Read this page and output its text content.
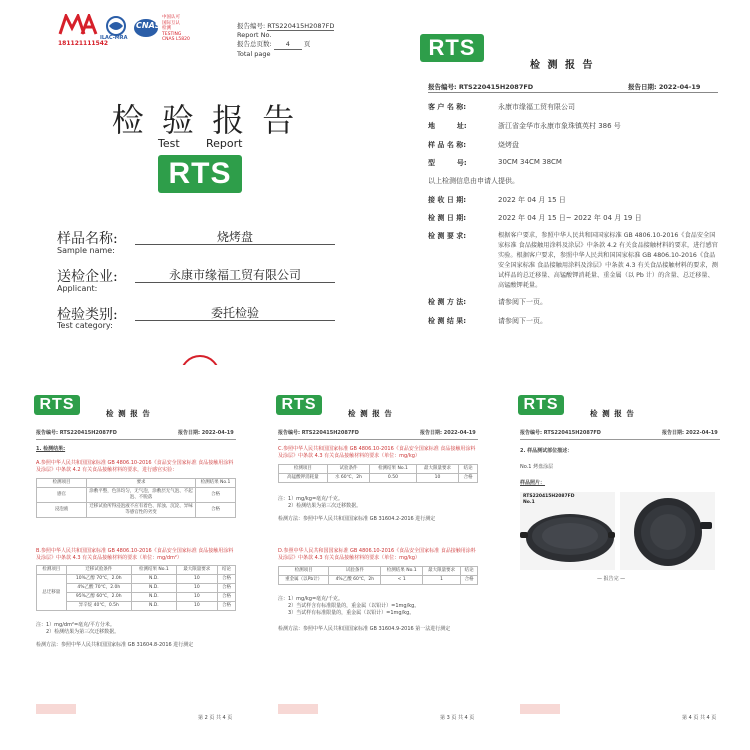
181121111542
ILAC-MRA
CNAS
中国认可
国际互认
检测
TESTING
CNAS L5820
报告编号: RTS220415H2087FD
Report No.
报告总页数: 4 页
Total page
检 验 报 告
Test Report
RTS
样品名称:
Sample name:
烧烤盘
送检企业:
Applicant:
永康市缘福工贸有限公司
检验类别:
Test category:
委托检验
RTS
检 测 报 告
报告编号: RTS220415H2087FD	报告日期: 2022-04-19
客 户 名 称:	永康市缘福工贸有限公司
地         址:	浙江省金华市永康市象珠镇英村 386 号
样 品 名 称:	烧烤盘
型         号:	30CM 34CM 38CM
以上检测信息由申请人提供。
接 收 日 期:	2022 年 04 月 15 日
检 测 日 期:	2022 年 04 月 15 日~ 2022 年 04 月 19 日
检 测 要 求:	根据客户要求，参照中华人民共和国国家标准 GB 4806.10-2016《食品安全国家标准 食品接触用涂料及涂层》中条款 4.2 有关食品接触材料的要求，进行感官实验。根据客户要求，参照中华人民共和国国家标准 GB 4806.10-2016《食品安全国家标准 食品接触用涂料及涂层》中条款 4.3 有关食品接触材料的要求，测试样品的总迁移量、高锰酸钾消耗量、重金属（以 Pb 计）的含量、总迁移量、高锰酸钾耗量。
检 测 方 法:	请参阅下一页。
检 测 结 果:	请参阅下一页。
RTS
检 测 报 告
报告编号: RTS220415H2087FD	报告日期: 2022-04-19
1. 检测结果:
A.参照中华人民共和国国家标准 GB 4806.10-2016《食品安全国家标准 食品接触用涂料及涂层》中条款 4.2 有关食品接触材料的要求，进行感官实验：
检测项目	要求	检测结果 No.1
感官	涂敷平整，色泽均匀，无气泡，涂敷层无气泡、不起泡、不脱落	合格
浸泡液	迁移试验所得浸泡液不应有着色、浑浊、沉淀、异味等感官性的劣变	合格
B.参照中华人民共和国国家标准 GB 4806.10-2016《食品安全国家标准 食品接触用涂料及涂层》中条款 4.3 有关食品接触材料的要求（单位：mg/dm²）
检测项目	迁移试验条件	检测结果 No.1	最大限量要求	结论
总迁移量	10%乙醇 70℃，2.0h	N.D.	10	合格
	4%乙酸 70℃，2.0h	N.D.	10	合格
	95%乙醇 60℃，2.0h	N.D.	10	合格
	异辛烷 40℃，0.5h	N.D.	10	合格
注：1）mg/dm²=毫克/平方分米。
2）检测结果为第三次迁移数据。
检测方法：参照中华人民共和国国家标准 GB 31604.8-2016 进行测定
第 2 页 共 4 页
RTS
检 测 报 告
报告编号: RTS220415H2087FD	报告日期: 2022-04-19
C.参照中华人民共和国国家标准 GB 4806.10-2016《食品安全国家标准 食品接触用涂料及涂层》中条款 4.3 有关食品接触材料的要求（单位：mg/kg）
检测项目	试验条件	检测结果 No.1	最大限量要求	结论
高锰酸钾消耗量	水 60℃，2h	0.50	10	合格
注：1）mg/kg=毫克/千克。
2）检测结果为第三次迁移数据。
检测方法：参照中华人民共和国国家标准 GB 31604.2-2016 进行测定
D.参照中华人民共和国国家标准 GB 4806.10-2016《食品安全国家标准 食品接触用涂料及涂层》中条款 4.3 有关食品接触材料的要求（单位：mg/kg）
检测项目	试验条件	检测结果 No.1	最大限量要求	结论
重金属（以Pb计）	4%乙酸 60℃，2h	< 1	1	合格
注：1）mg/kg=毫克/千克。
2）当试样含有标准限量的，重金属（以铅计）=1mg/kg。
3）当试样有标准限量的，重金属（以铅计）=1mg/kg。
检测方法：参照中华人民共和国国家标准 GB 31604.9-2016 第一法进行测定
第 3 页 共 4 页
RTS
检 测 报 告
报告编号: RTS220415H2087FD	报告日期: 2022-04-19
2. 样品测试部位描述：
No.1 烤盘涂层
样品照片：
RTS220415H2087FD No.1
— 报告完 —
第 4 页 共 4 页
